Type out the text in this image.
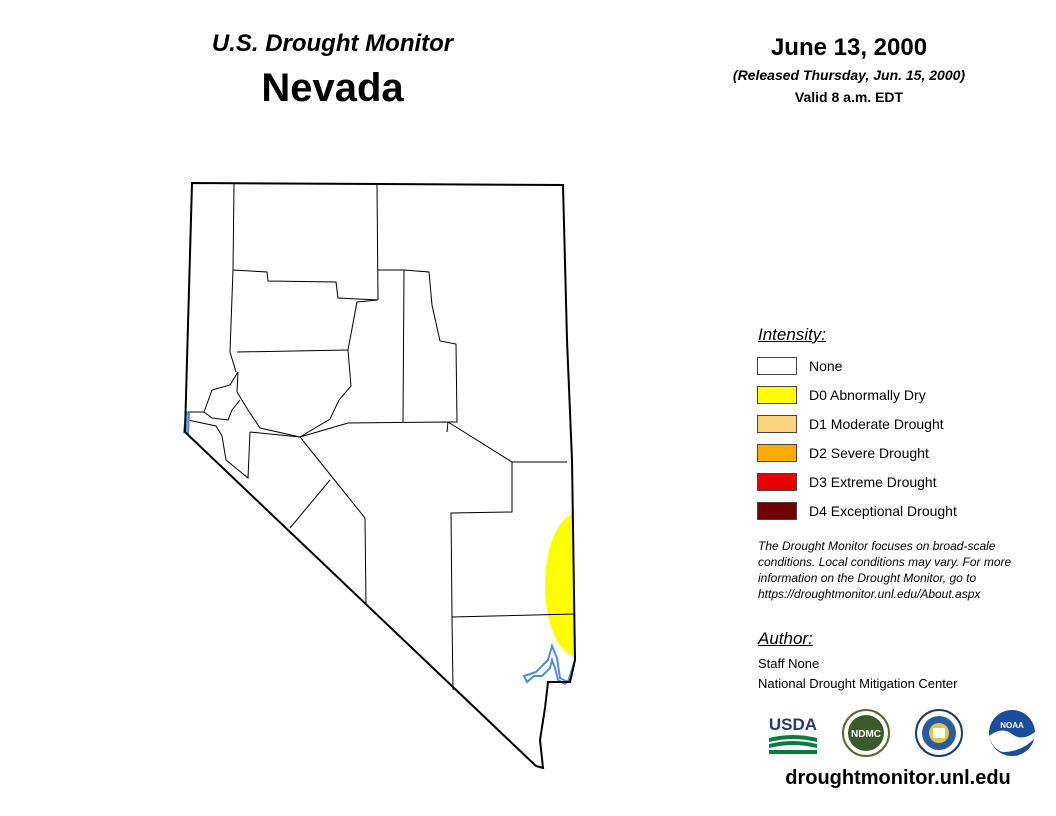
U.S. Drought Monitor
Nevada
June 13, 2000
(Released Thursday, Jun. 15, 2000)
Valid 8 a.m. EDT
Intensity:
None
D0 Abnormally Dry
D1 Moderate Drought
D2 Severe Drought
D3 Extreme Drought
D4 Exceptional Drought
The Drought Monitor focuses on broad-scale conditions. Local conditions may vary. For more information on the Drought Monitor, go to https://droughtmonitor.unl.edu/About.aspx
Author:
Staff None
National Drought Mitigation Center
USDA
NDMC
NOAA
droughtmonitor.unl.edu
